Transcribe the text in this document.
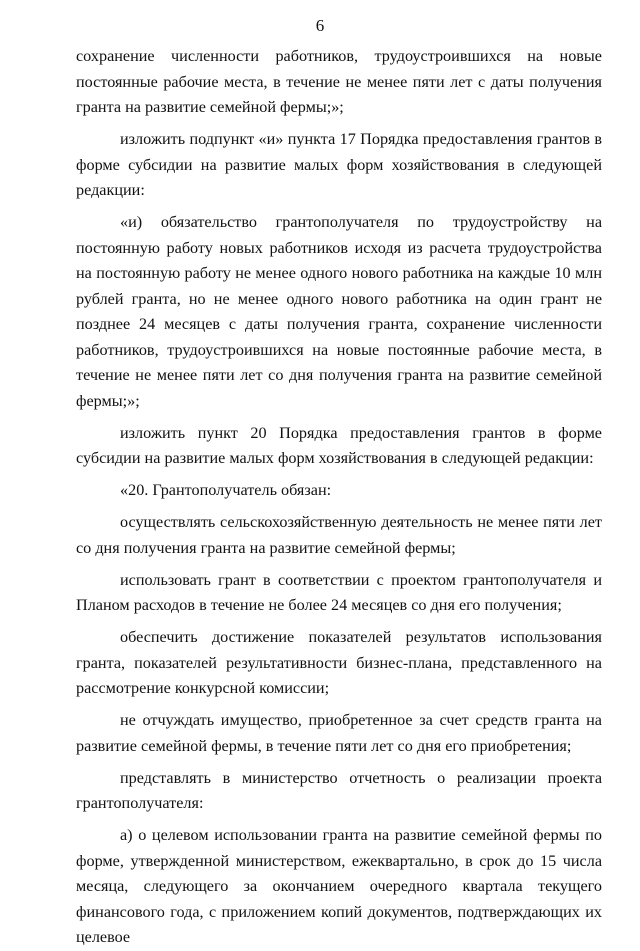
6

сохранение численности работников, трудоустроившихся на новые постоянные рабочие места, в течение не менее пяти лет с даты получения гранта на развитие семейной фермы;»;

изложить подпункт «и» пункта 17 Порядка предоставления грантов в форме субсидии на развитие малых форм хозяйствования в следующей редакции:

«и) обязательство грантополучателя по трудоустройству на постоянную работу новых работников исходя из расчета трудоустройства на постоянную работу не менее одного нового работника на каждые 10 млн рублей гранта, но не менее одного нового работника на один грант не позднее 24 месяцев с даты получения гранта, сохранение численности работников, трудоустроившихся на новые постоянные рабочие места, в течение не менее пяти лет со дня получения гранта на развитие семейной фермы;»;

изложить пункт 20 Порядка предоставления грантов в форме субсидии на развитие малых форм хозяйствования в следующей редакции:

«20. Грантополучатель обязан:

осуществлять сельскохозяйственную деятельность не менее пяти лет со дня получения гранта на развитие семейной фермы;

использовать грант в соответствии с проектом грантополучателя и Планом расходов в течение не более 24 месяцев со дня его получения;

обеспечить достижение показателей результатов использования гранта, показателей результативности бизнес-плана, представленного на рассмотрение конкурсной комиссии;

не отчуждать имущество, приобретенное за счет средств гранта на развитие семейной фермы, в течение пяти лет со дня его приобретения;

представлять в министерство отчетность о реализации проекта грантополучателя:

а) о целевом использовании гранта на развитие семейной фермы по форме, утвержденной министерством, ежеквартально, в срок до 15 числа месяца, следующего за окончанием очередного квартала текущего финансового года, с приложением копий документов, подтверждающих их целевое
